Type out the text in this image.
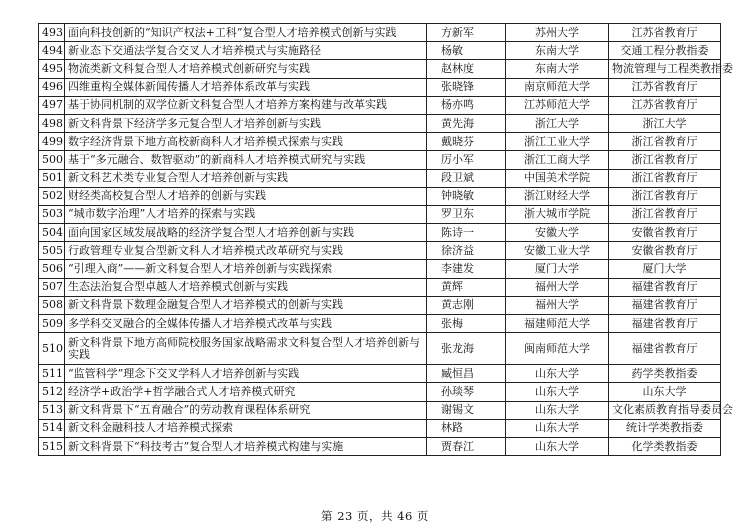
493	面向科技创新的“知识产权法+工科”复合型人才培养模式创新与实践	方新军	苏州大学	江苏省教育厅
494	新业态下交通法学复合交叉人才培养模式与实施路径	杨敏	东南大学	交通工程分教指委
495	物流类新文科复合型人才培养模式创新研究与实践	赵林度	东南大学	物流管理与工程类教指委
496	四维重构全媒体新闻传播人才培养体系改革与实践	张晓锋	南京师范大学	江苏省教育厅
497	基于协同机制的双学位新文科复合型人才培养方案构建与改革实践	杨亦鸣	江苏师范大学	江苏省教育厅
498	新文科背景下经济学多元复合型人才培养创新与实践	黄先海	浙江大学	浙江大学
499	数字经济背景下地方高校新商科人才培养模式探索与实践	戴晓芬	浙江工业大学	浙江省教育厅
500	基于“多元融合、数智驱动”的新商科人才培养模式研究与实践	厉小军	浙江工商大学	浙江省教育厅
501	新文科艺术类专业复合型人才培养创新与实践	段卫斌	中国美术学院	浙江省教育厅
502	财经类高校复合型人才培养的创新与实践	钟晓敏	浙江财经大学	浙江省教育厅
503	“城市数字治理”人才培养的探索与实践	罗卫东	浙大城市学院	浙江省教育厅
504	面向国家区域发展战略的经济学复合型人才培养创新与实践	陈诗一	安徽大学	安徽省教育厅
505	行政管理专业复合型新文科人才培养模式改革研究与实践	徐济益	安徽工业大学	安徽省教育厅
506	“引理入商”——新文科复合型人才培养创新与实践探索	李建发	厦门大学	厦门大学
507	生态法治复合型卓越人才培养模式创新与实践	黄辉	福州大学	福建省教育厅
508	新文科背景下数理金融复合型人才培养模式的创新与实践	黄志刚	福州大学	福建省教育厅
509	多学科交叉融合的全媒体传播人才培养模式改革与实践	张梅	福建师范大学	福建省教育厅
510	新文科背景下地方高师院校服务国家战略需求文科复合型人才培养创新与实践	张龙海	闽南师范大学	福建省教育厅
511	“监管科学”理念下交叉学科人才培养创新与实践	臧恒昌	山东大学	药学类教指委
512	经济学+政治学+哲学融合式人才培养模式研究	孙琰琴	山东大学	山东大学
513	新文科背景下“五育融合”的劳动教育课程体系研究	谢锡文	山东大学	文化素质教育指导委员会
514	新文科金融科技人才培养模式探索	林路	山东大学	统计学类教指委
515	新文科背景下“科技考古”复合型人才培养模式构建与实施	贾春江	山东大学	化学类教指委
第 23 页，共 46 页
